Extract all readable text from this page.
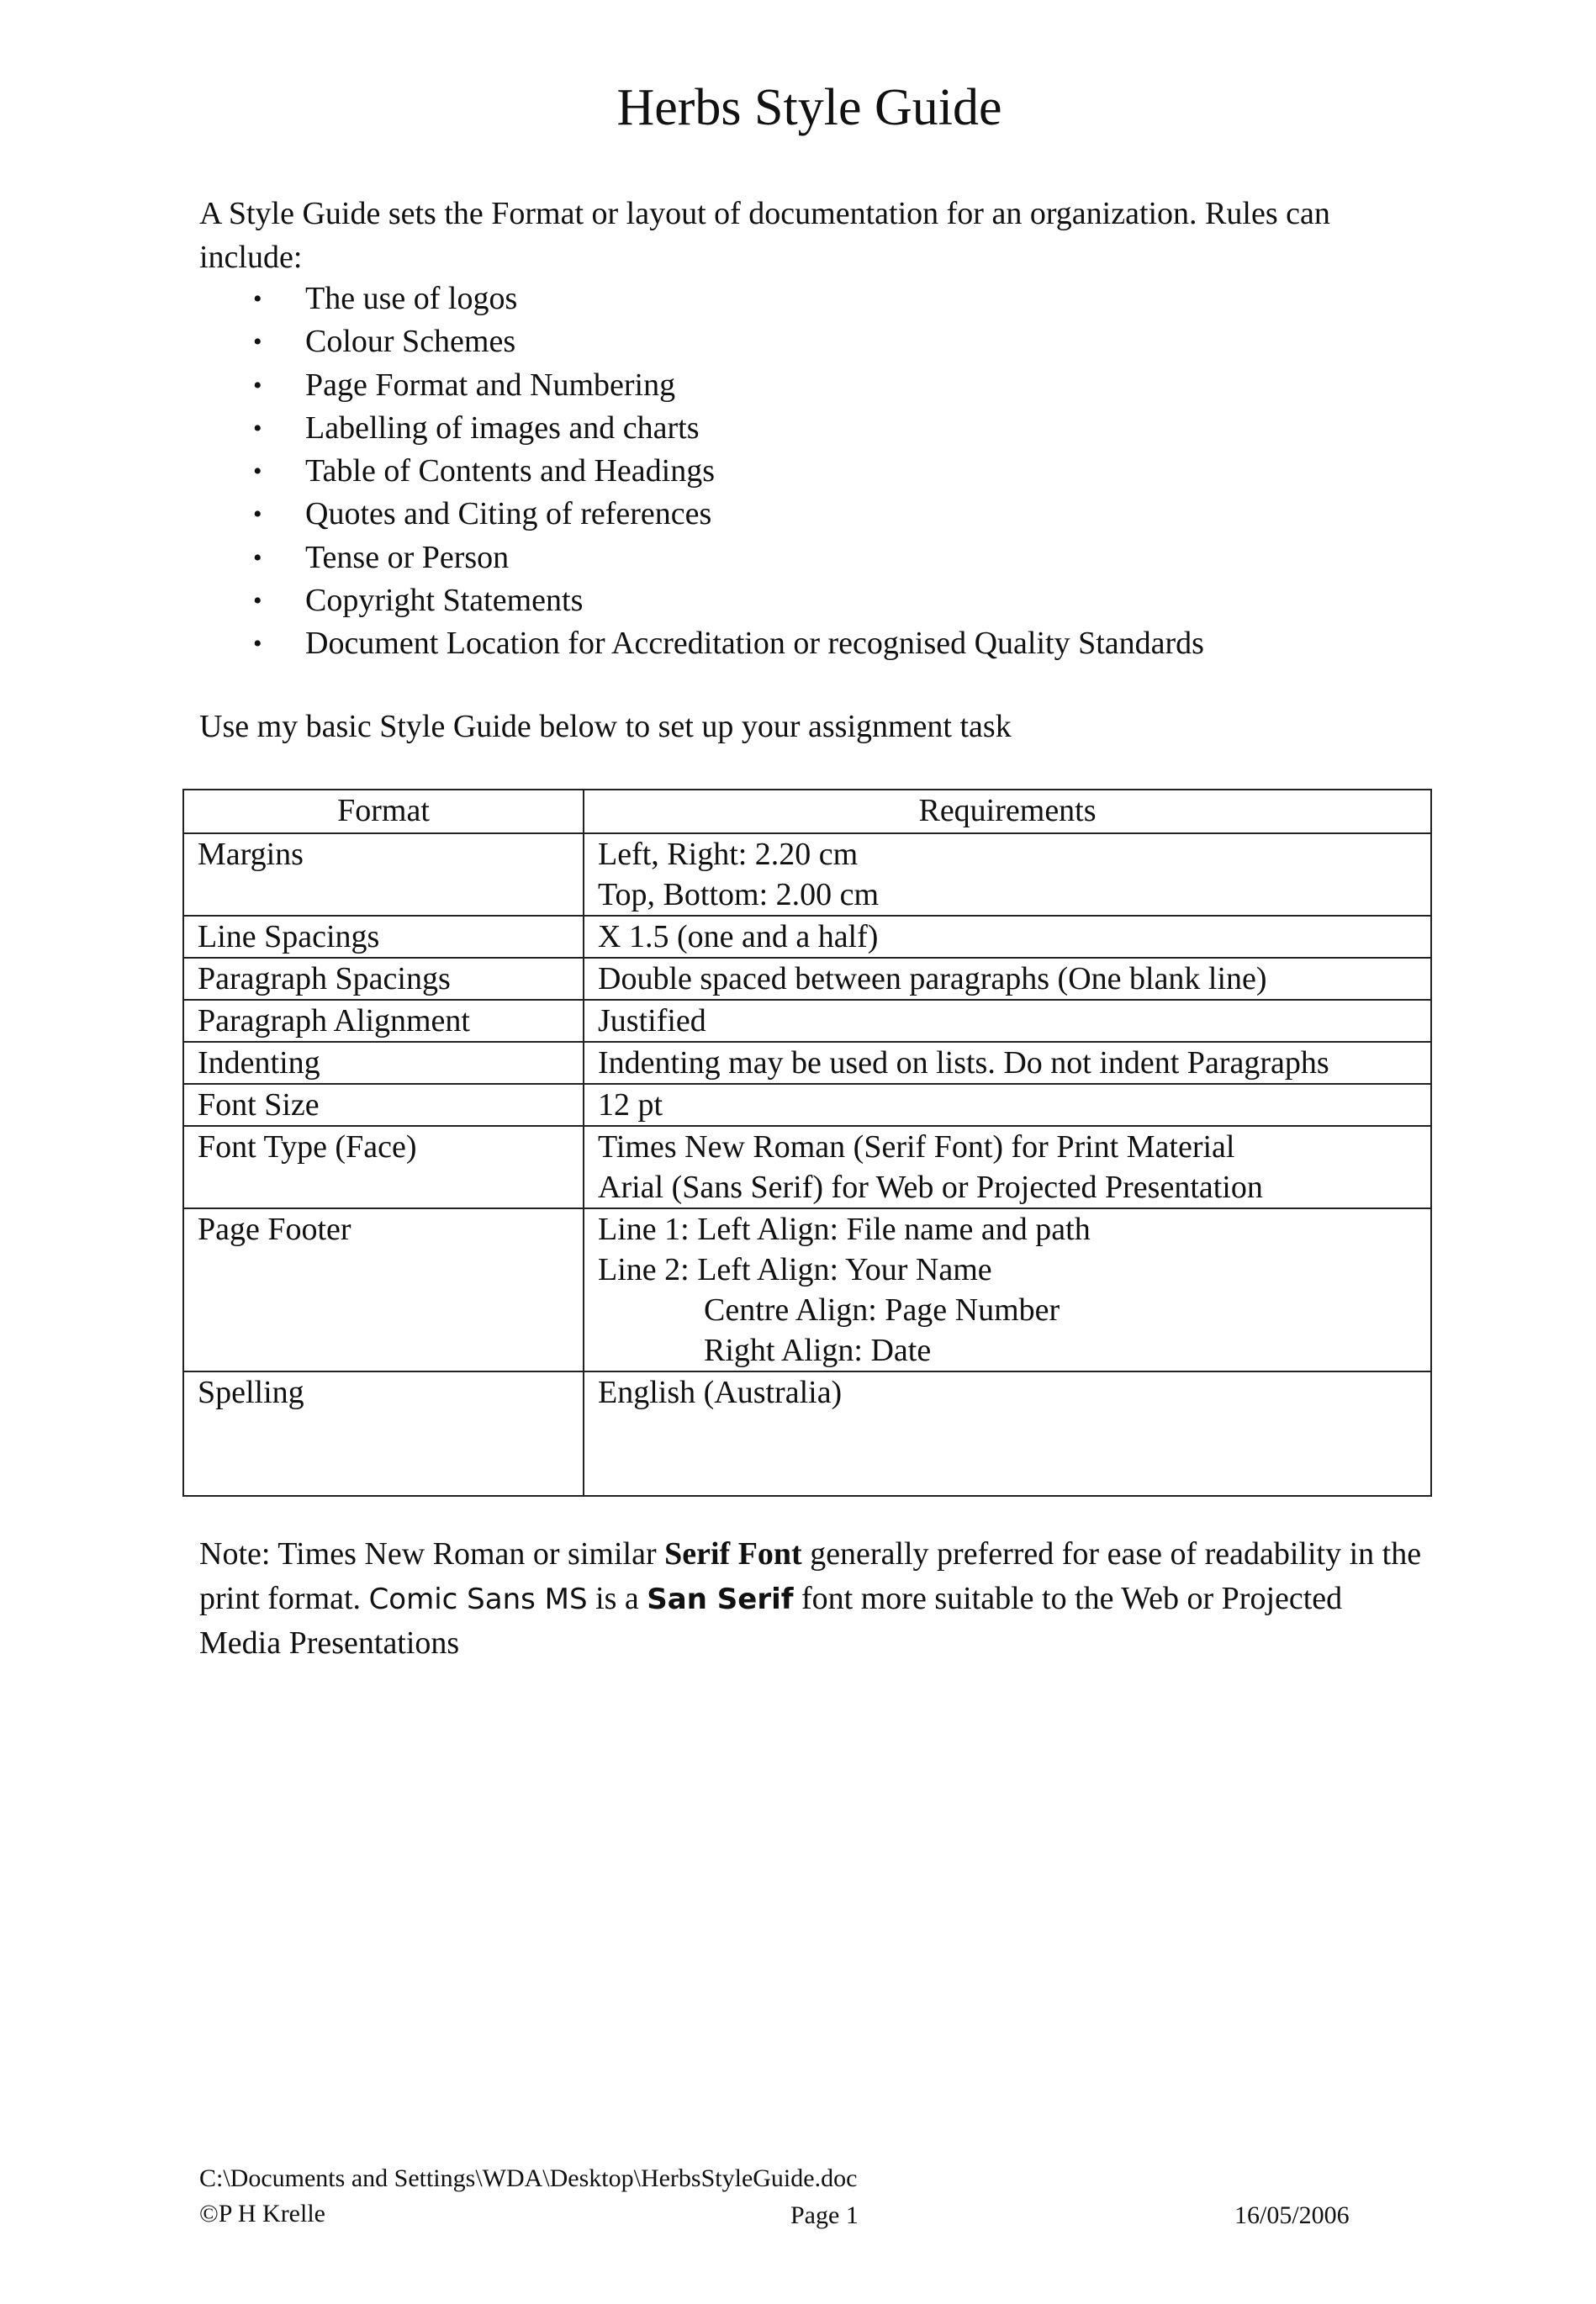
Herbs Style Guide
A Style Guide sets the Format or layout of documentation for an organization. Rules can include:
• The use of logos
• Colour Schemes
• Page Format and Numbering
• Labelling of images and charts
• Table of Contents and Headings
• Quotes and Citing of references
• Tense or Person
• Copyright Statements
• Document Location for Accreditation or recognised Quality Standards
Use my basic Style Guide below to set up your assignment task
Format	Requirements
Margins	Left, Right: 2.20 cm
Top, Bottom: 2.00 cm

Line Spacings	X 1.5 (one and a half)

Paragraph Spacings	Double spaced between paragraphs (One blank line)

Paragraph Alignment	Justified

Indenting	Indenting may be used on lists. Do not indent Paragraphs

Font Size	12 pt

Font Type (Face)	Times New Roman (Serif Font) for Print Material
Arial (Sans Serif) for Web or Projected Presentation

Page Footer	Line 1: Left Align: File name and path
Line 2: Left Align: Your Name
Centre Align: Page Number
Right Align: Date

Spelling	English (Australia)
Note: Times New Roman or similar Serif Font generally preferred for ease of readability in the print format. Comic Sans MS is a San Serif font more suitable to the Web or Projected Media Presentations
C:\Documents and Settings\WDA\Desktop\HerbsStyleGuide.doc
©P H Krelle	Page 1	16/05/2006
